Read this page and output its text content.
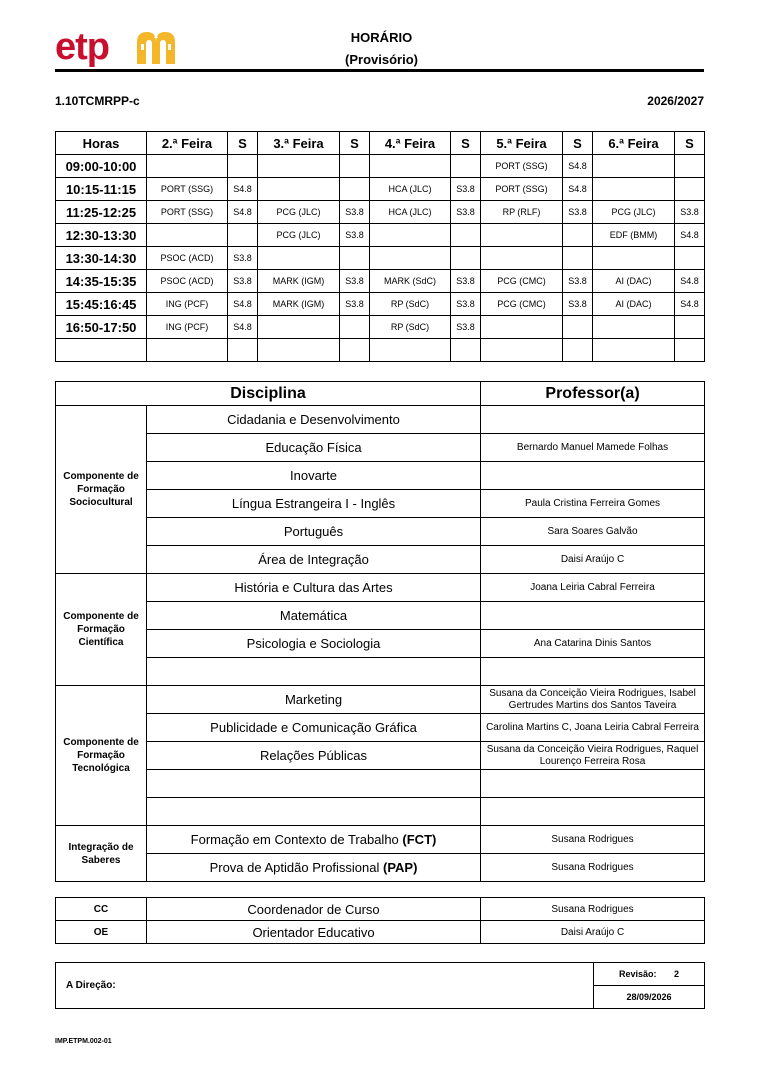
etp	HORÁRIO
(Provisório)
1.10TCMRPP-c	2026/2027
Horas	2.ª Feira	S	3.ª Feira	S	4.ª Feira	S	5.ª Feira	S	6.ª Feira	S
09:00-10:00							PORT (SSG)	S4.8		
10:15-11:15	PORT (SSG)	S4.8			HCA (JLC)	S3.8	PORT (SSG)	S4.8		
11:25-12:25	PORT (SSG)	S4.8	PCG (JLC)	S3.8	HCA (JLC)	S3.8	RP (RLF)	S3.8	PCG (JLC)	S3.8
12:30-13:30			PCG (JLC)	S3.8					EDF (BMM)	S4.8
13:30-14:30	PSOC (ACD)	S3.8								
14:35-15:35	PSOC (ACD)	S3.8	MARK (IGM)	S3.8	MARK (SdC)	S3.8	PCG (CMC)	S3.8	AI (DAC)	S4.8
15:45:16:45	ING (PCF)	S4.8	MARK (IGM)	S3.8	RP (SdC)	S3.8	PCG (CMC)	S3.8	AI (DAC)	S4.8
16:50-17:50	ING (PCF)	S4.8			RP (SdC)	S3.8				

Disciplina		Professor(a)
Componente de Formação Sociocultural	Cidadania e Desenvolvimento	
	Educação Física	Bernardo Manuel Mamede Folhas
	Inovarte	
	Língua Estrangeira I - Inglês	Paula Cristina Ferreira Gomes
	Português	Sara Soares Galvão
	Área de Integração	Daisi Araújo C
Componente de Formação Científica	História e Cultura das Artes	Joana Leiria Cabral Ferreira
	Matemática	
	Psicologia e Sociologia	Ana Catarina Dinis Santos

Componente de Formação Tecnológica	Marketing	Susana da Conceição Vieira Rodrigues, Isabel Gertrudes Martins dos Santos Taveira
	Publicidade e Comunicação Gráfica	Carolina Martins C, Joana Leiria Cabral Ferreira
	Relações Públicas	Susana da Conceição Vieira Rodrigues, Raquel Lourenço Ferreira Rosa

Integração de Saberes	Formação em Contexto de Trabalho (FCT)	Susana Rodrigues
	Prova de Aptidão Profissional (PAP)	Susana Rodrigues
CC	Coordenador de Curso	Susana Rodrigues
OE	Orientador Educativo	Daisi Araújo C
A Direção:	Revisão: 2
28/09/2026
IMP.ETPM.002-01
